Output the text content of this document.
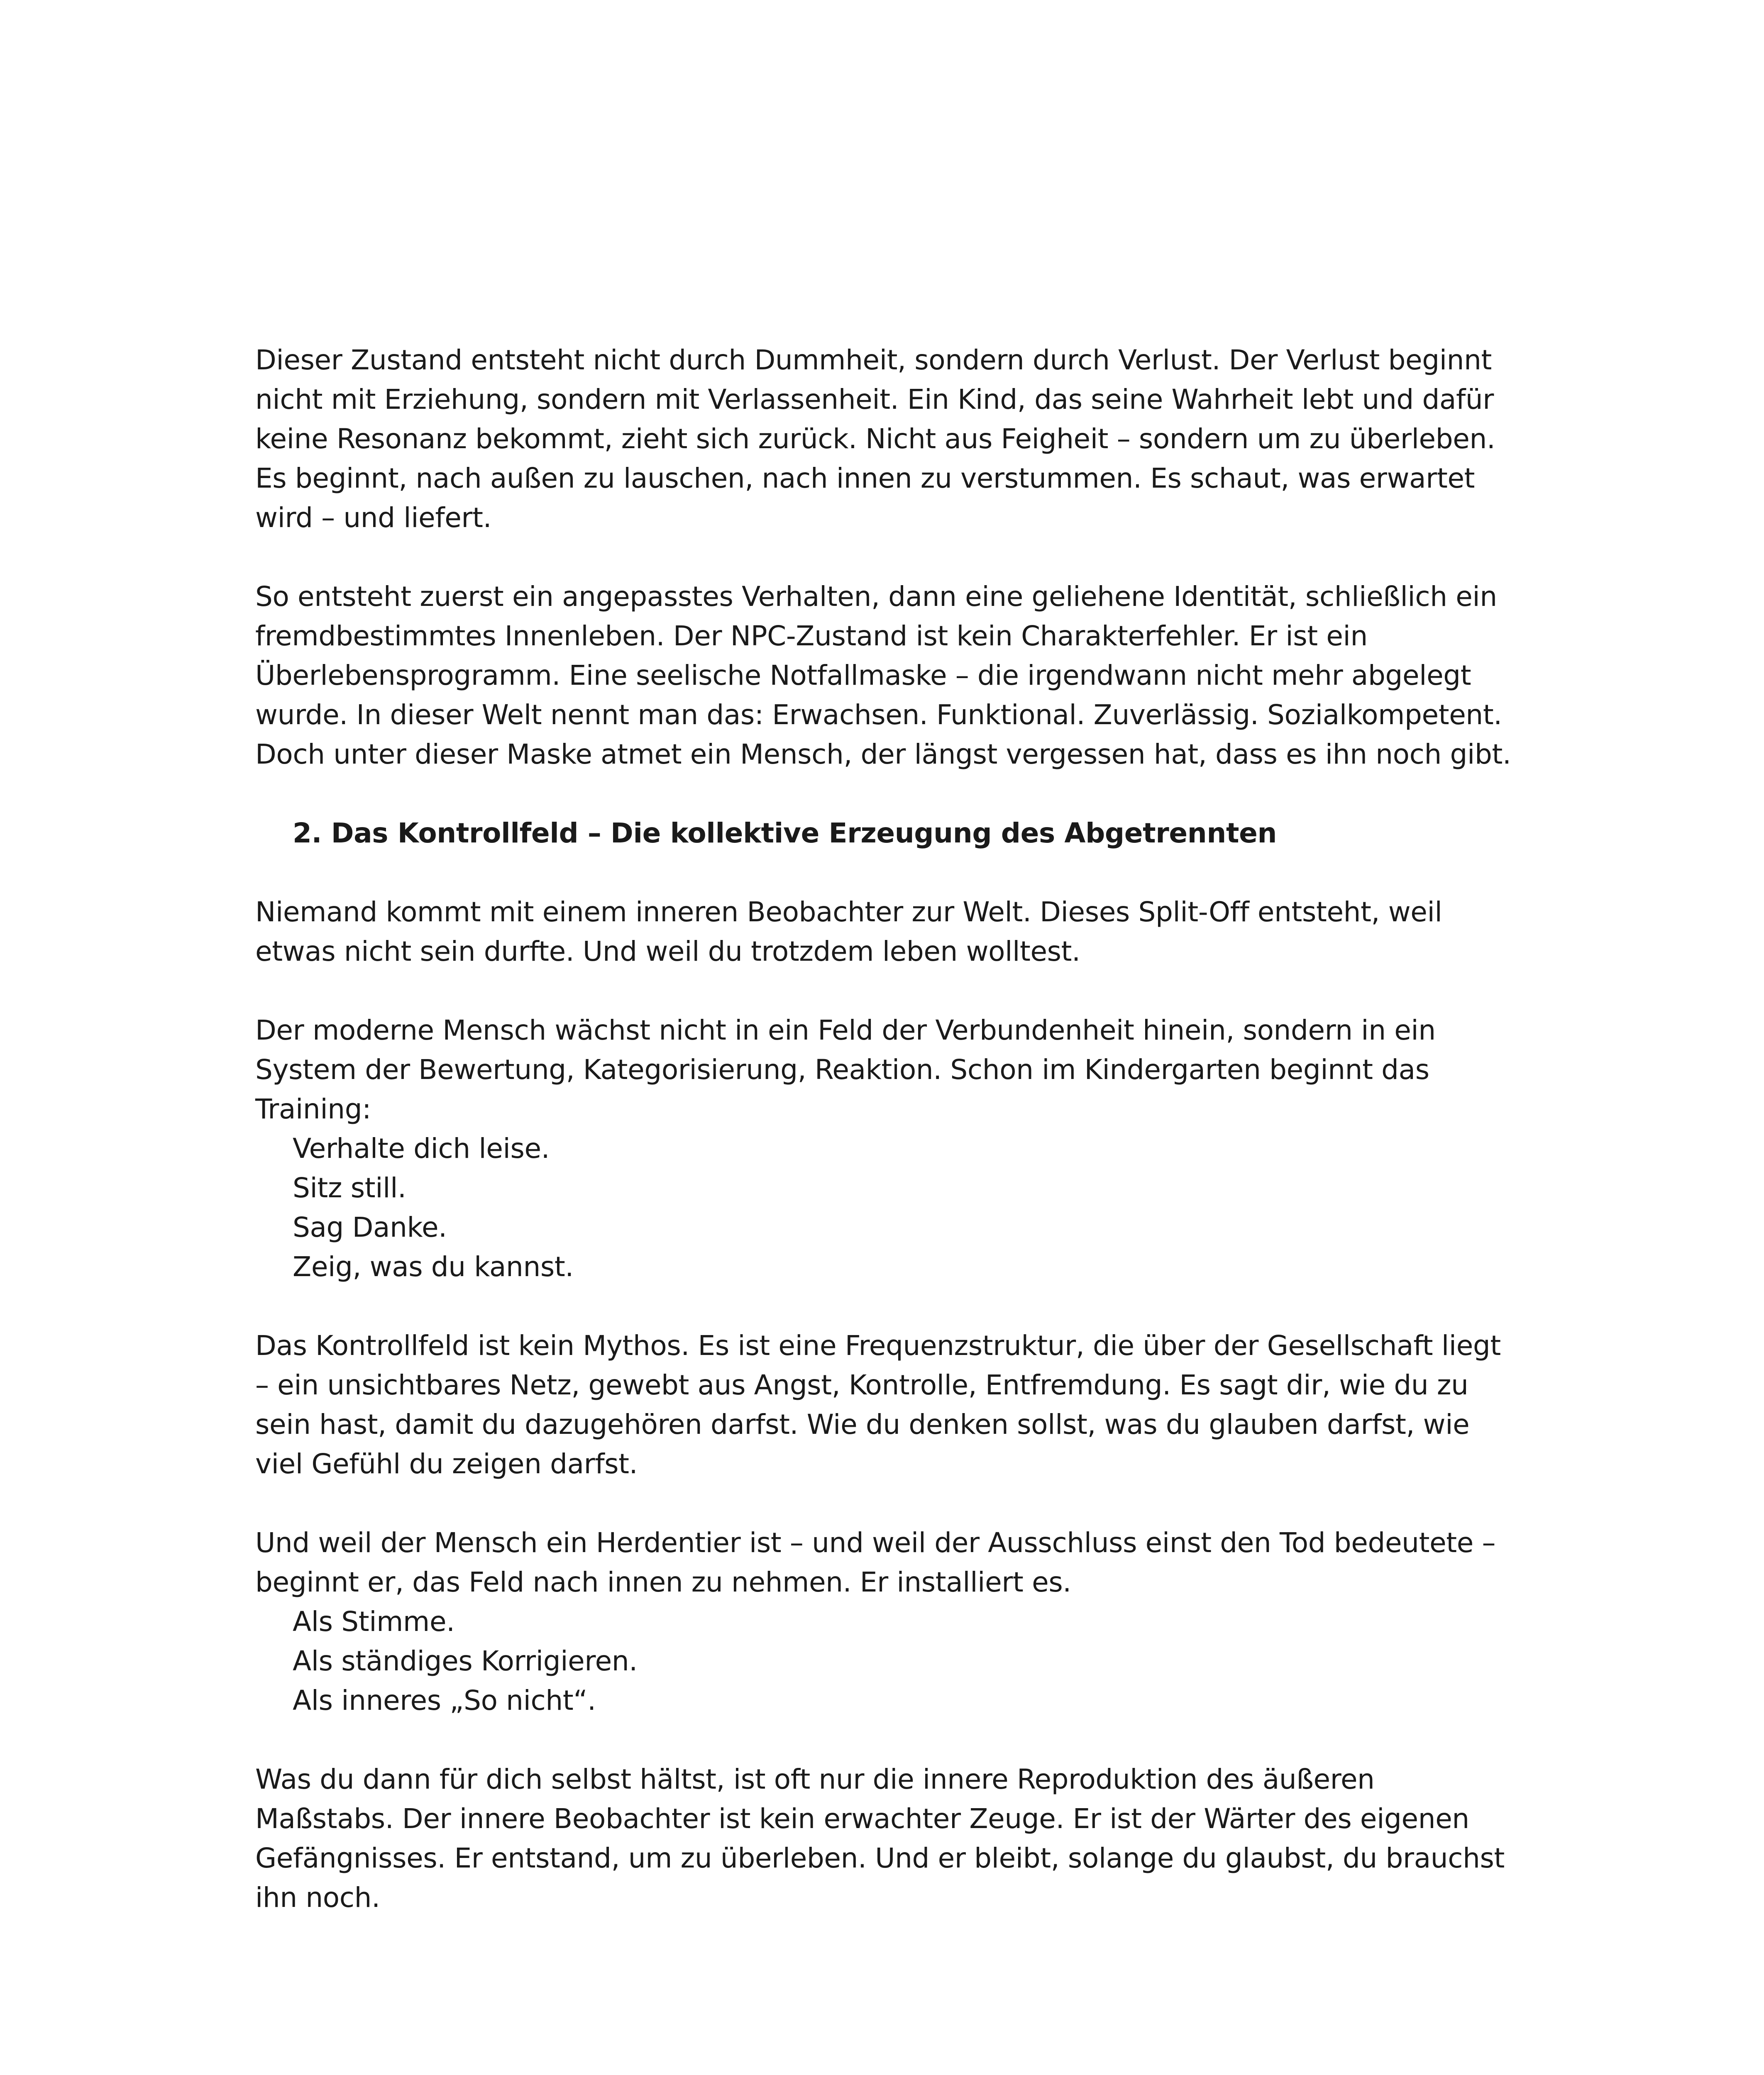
Dieser Zustand entsteht nicht durch Dummheit, sondern durch Verlust. Der Verlust beginnt
nicht mit Erziehung, sondern mit Verlassenheit. Ein Kind, das seine Wahrheit lebt und dafür
keine Resonanz bekommt, zieht sich zurück. Nicht aus Feigheit – sondern um zu überleben.
Es beginnt, nach außen zu lauschen, nach innen zu verstummen. Es schaut, was erwartet
wird – und liefert.
So entsteht zuerst ein angepasstes Verhalten, dann eine geliehene Identität, schließlich ein
fremdbestimmtes Innenleben. Der NPC-Zustand ist kein Charakterfehler. Er ist ein
Überlebensprogramm. Eine seelische Notfallmaske – die irgendwann nicht mehr abgelegt
wurde. In dieser Welt nennt man das: Erwachsen. Funktional. Zuverlässig. Sozialkompetent.
Doch unter dieser Maske atmet ein Mensch, der längst vergessen hat, dass es ihn noch gibt.
2. Das Kontrollfeld – Die kollektive Erzeugung des Abgetrennten
Niemand kommt mit einem inneren Beobachter zur Welt. Dieses Split-Off entsteht, weil
etwas nicht sein durfte. Und weil du trotzdem leben wolltest.
Der moderne Mensch wächst nicht in ein Feld der Verbundenheit hinein, sondern in ein
System der Bewertung, Kategorisierung, Reaktion. Schon im Kindergarten beginnt das
Training:
Verhalte dich leise.
Sitz still.
Sag Danke.
Zeig, was du kannst.
Das Kontrollfeld ist kein Mythos. Es ist eine Frequenzstruktur, die über der Gesellschaft liegt
– ein unsichtbares Netz, gewebt aus Angst, Kontrolle, Entfremdung. Es sagt dir, wie du zu
sein hast, damit du dazugehören darfst. Wie du denken sollst, was du glauben darfst, wie
viel Gefühl du zeigen darfst.
Und weil der Mensch ein Herdentier ist – und weil der Ausschluss einst den Tod bedeutete –
beginnt er, das Feld nach innen zu nehmen. Er installiert es.
Als Stimme.
Als ständiges Korrigieren.
Als inneres „So nicht“.
Was du dann für dich selbst hältst, ist oft nur die innere Reproduktion des äußeren
Maßstabs. Der innere Beobachter ist kein erwachter Zeuge. Er ist der Wärter des eigenen
Gefängnisses. Er entstand, um zu überleben. Und er bleibt, solange du glaubst, du brauchst
ihn noch.
